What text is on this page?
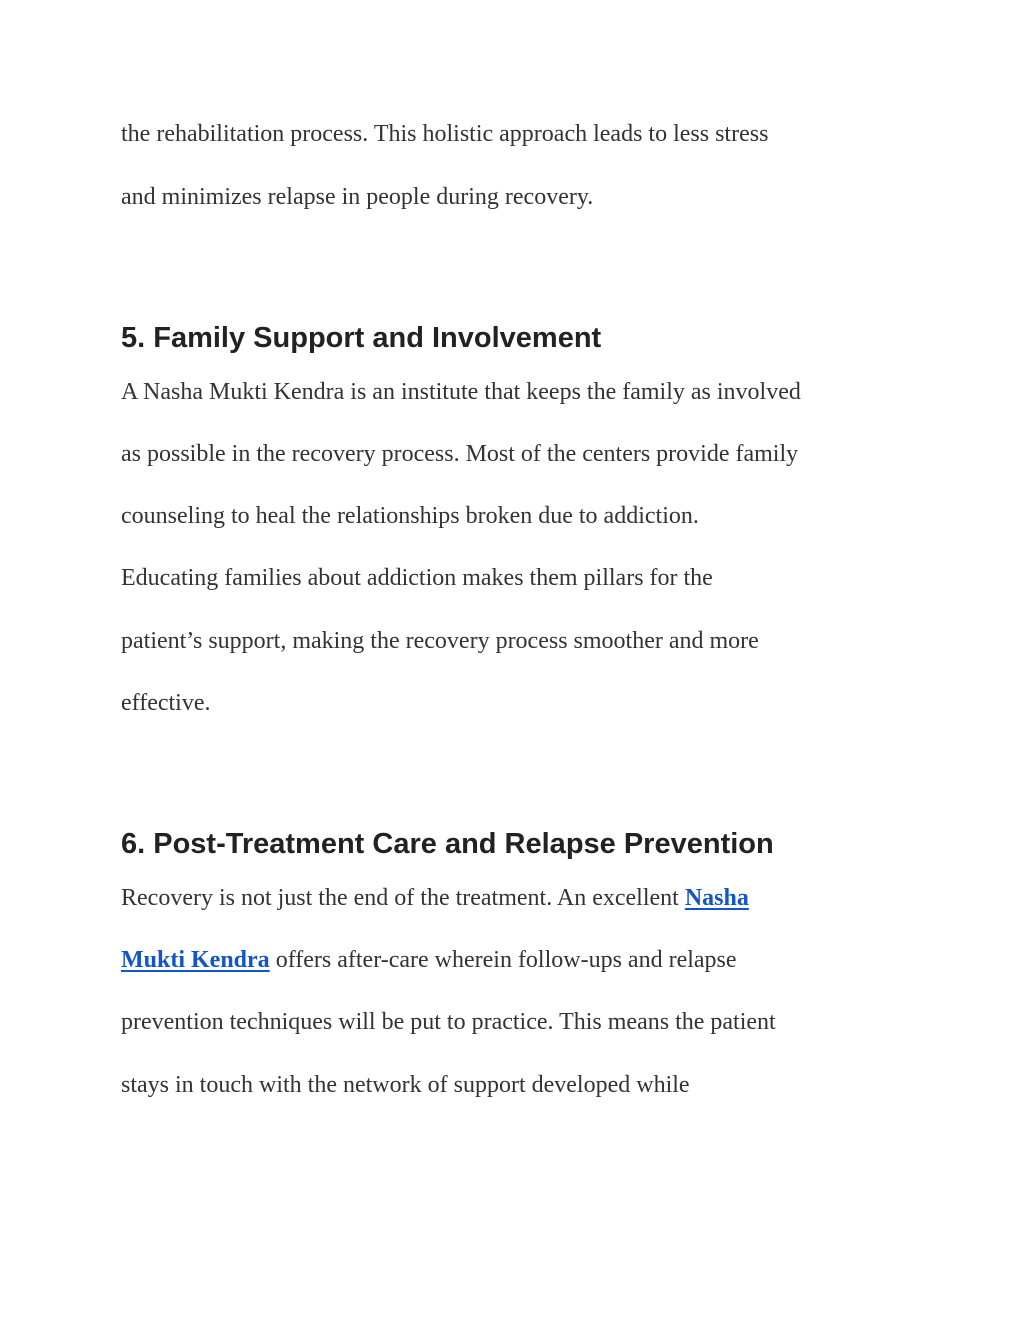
the rehabilitation process. This holistic approach leads to less stress
and minimizes relapse in people during recovery.
5. Family Support and Involvement
A Nasha Mukti Kendra is an institute that keeps the family as involved
as possible in the recovery process. Most of the centers provide family
counseling to heal the relationships broken due to addiction.
Educating families about addiction makes them pillars for the
patient’s support, making the recovery process smoother and more
effective.
6. Post-Treatment Care and Relapse Prevention
Recovery is not just the end of the treatment. An excellent Nasha
Mukti Kendra offers after-care wherein follow-ups and relapse
prevention techniques will be put to practice. This means the patient
stays in touch with the network of support developed while
